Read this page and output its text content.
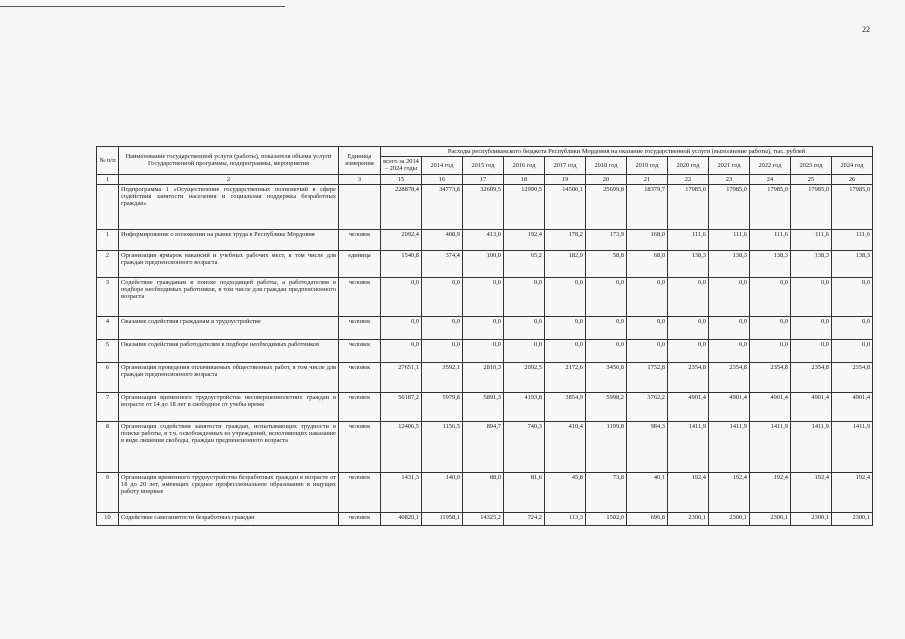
22
№ п/п	Наименование государственной услуги (работы), показателя объема услуги Государственной программы, подпрограммы, мероприятия	Единица измерения	Расходы республиканского бюджета Республики Мордовия на оказание государственной услуги (выполнение работы), тыс. рублей											
			всего за 2014 – 2024 годы	2014 год	2015 год	2016 год	2017 год	2018 год	2019 год	2020 год	2021 год	2022 год	2023 год	2024 год
1	2	3	15	16	17	18	19	20	21	22	23	24	25	26
	Подпрограмма 1 «Осуществление государственных полномочий в сфере содействия занятости населения и социальная поддержка безработных граждан»		228878,4	34773,8	32609,5	12990,5	14500,1	25699,8	18379,7	17985,0	17985,0	17985,0	17985,0	17985,0
1	Информирование о положении на рынке труда в Республике Мордовия	человек	2092,4	408,9	413,0	192,4	178,2	173,9	168,0	111,6	111,6	111,6	111,6	111,6
2	Организация ярмарок вакансий и учебных рабочих мест, в том числе для граждан предпенсионного возраста	единица	1540,8	374,4	100,0	65,2	182,9	58,8	68,0	138,3	138,3	138,3	138,3	138,3
3	Содействие гражданам в поиске подходящей работы, а работодателям в подборе необходимых работников, в том числе для граждан предпенсионного возраста	человек	0,0	0,0	0,0	0,0	0,0	0,0	0,0	0,0	0,0	0,0	0,0	0,0
4	Оказание содействия гражданам в трудоустройстве	человек	0,0	0,0	0,0	0,0	0,0	0,0	0,0	0,0	0,0	0,0	0,0	0,0
5	Оказание содействия работодателям в подборе необходимых работников	человек	0,0	0,0	0,0	0,0	0,0	0,0	0,0	0,0	0,0	0,0	0,0	0,0
6	Организация проведения оплачиваемых общественных работ, в том числе для граждан предпенсионного возраста	человек	27651,1	3592,1	2810,3	2092,5	2172,6	3456,8	1752,8	2354,8	2354,8	2354,8	2354,8	2354,8
7	Организация временного трудоустройства несовершеннолетних граждан в возрасте от 14 до 18 лет в свободное от учебы время	человек	56187,2	5979,8	5891,3	4193,8	3854,9	5998,2	3762,2	4901,4	4901,4	4901,4	4901,4	4901,4
8	Организация содействия занятости граждан, испытывающих трудности в поиске работы, в т.ч. освобожденных из учреждений, исполняющих наказание в виде лишения свободы, граждан предпенсионного возраста	человек	12406,5	1156,5	894,7	740,3	410,4	1199,8	984,3	1411,9	1411,9	1411,9	1411,9	1411,9
9	Организация временного трудоустройства безработных граждан в возрасте от 18 до 20 лет, имеющих среднее профессиональное образование и ищущих работу впервые	человек	1431,3	140,0	88,0	81,6	45,8	73,8	40,1	192,4	192,4	192,4	192,4	192,4
10	Содействие самозанятости безработных граждан	человек	40820,1	11958,1	14325,2	724,2	113,3	1502,0	696,8	2300,1	2300,1	2300,1	2300,1	2300,1
